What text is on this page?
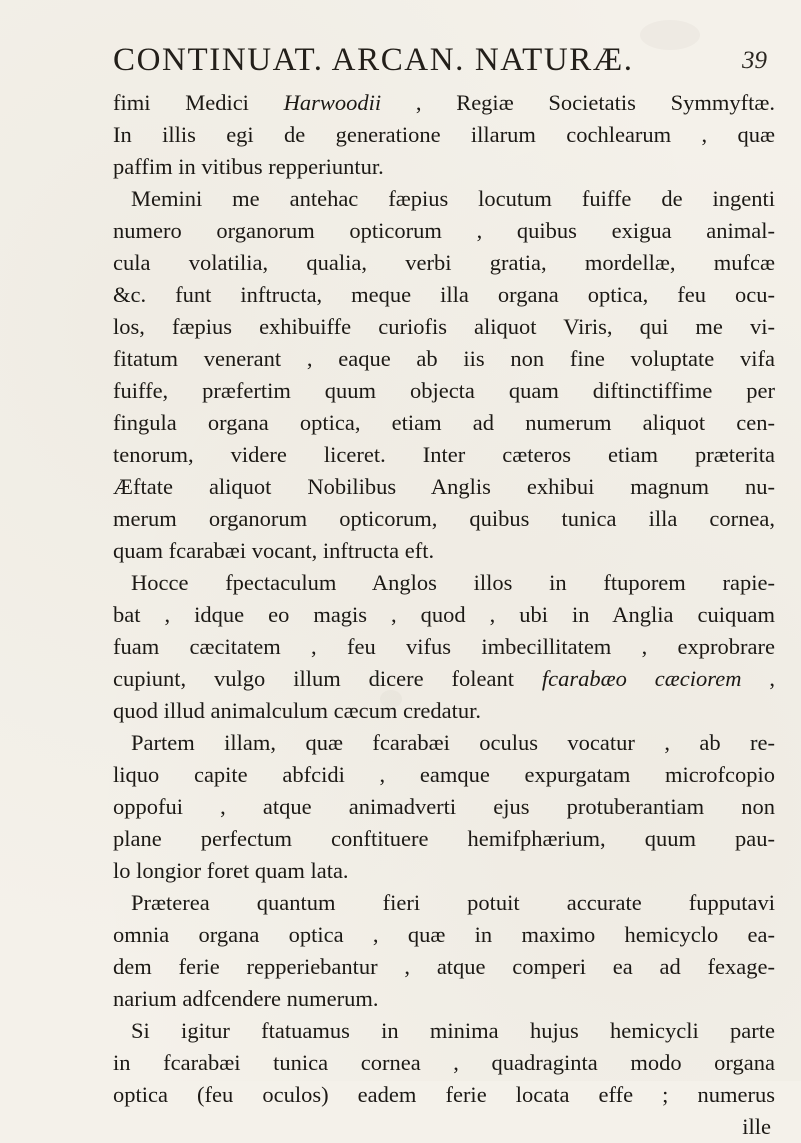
CONTINUAT. ARCAN. NATURÆ.	39
fimi Medici Harwoodii , Regiæ Societatis Symmyftæ.
In illis egi de generatione illarum cochlearum , quæ
paffim in vitibus repperiuntur.
Memini me antehac fæpius locutum fuiffe de ingenti
numero organorum opticorum , quibus exigua animal-
cula volatilia, qualia, verbi gratia, mordellæ, mufcæ
&c. funt inftructa, meque illa organa optica, feu ocu-
los, fæpius exhibuiffe curiofis aliquot Viris, qui me vi-
fitatum venerant , eaque ab iis non fine voluptate vifa
fuiffe, præfertim quum objecta quam diftinctiffime per
fingula organa optica, etiam ad numerum aliquot cen-
tenorum, videre liceret. Inter cæteros etiam præterita
Æftate aliquot Nobilibus Anglis exhibui magnum nu-
merum organorum opticorum, quibus tunica illa cornea,
quam fcarabæi vocant, inftructa eft.
Hocce fpectaculum Anglos illos in ftuporem rapie-
bat , idque eo magis , quod , ubi in Anglia cuiquam
fuam cæcitatem , feu vifus imbecillitatem , exprobrare
cupiunt, vulgo illum dicere foleant fcarabæo cæciorem ,
quod illud animalculum cæcum credatur.
Partem illam, quæ fcarabæi oculus vocatur , ab re-
liquo capite abfcidi , eamque expurgatam microfcopio
oppofui , atque animadverti ejus protuberantiam non
plane perfectum conftituere hemifphærium, quum pau-
lo longior foret quam lata.
Præterea quantum fieri potuit accurate fupputavi
omnia organa optica , quæ in maximo hemicyclo ea-
dem ferie repperiebantur , atque comperi ea ad fexage-
narium adfcendere numerum.
Si igitur ftatuamus in minima hujus hemicycli parte
in fcarabæi tunica cornea , quadraginta modo organa
optica (feu oculos) eadem ferie locata effe ; numerus
ille
